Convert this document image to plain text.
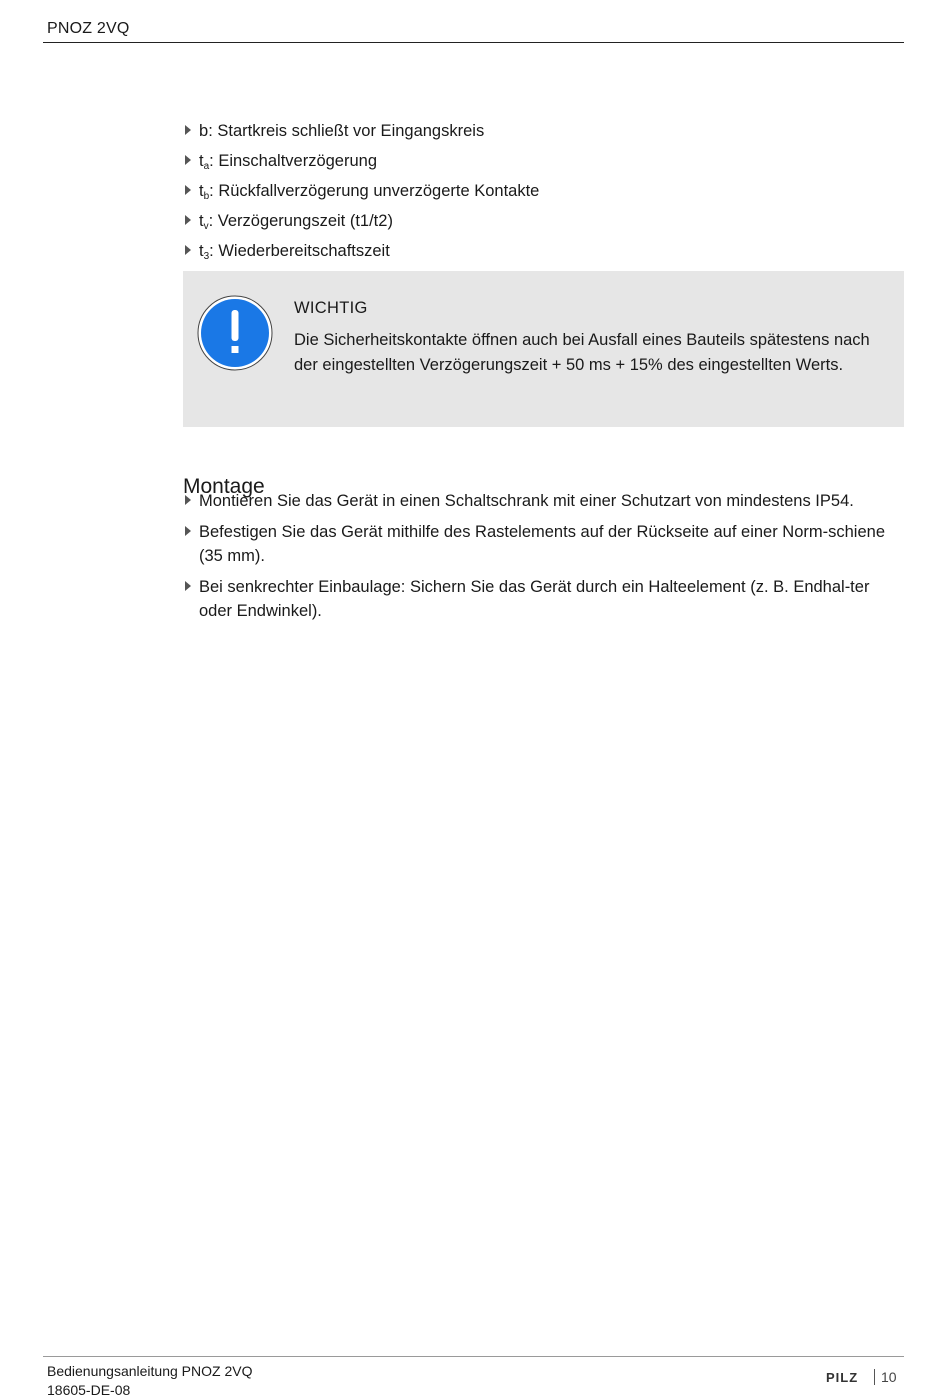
PNOZ 2VQ
b: Startkreis schließt vor Eingangskreis
$t_a$: Einschaltverzögerung
$t_b$: Rückfallverzögerung unverzögerte Kontakte
$t_v$: Verzögerungszeit (t1/t2)
$t_3$: Wiederbereitschaftszeit
WICHTIG
Die Sicherheitskontakte öffnen auch bei Ausfall eines Bauteils spätestens nach der eingestellten Verzögerungszeit + 50 ms + 15% des eingestellten Werts.
Montage
Montieren Sie das Gerät in einen Schaltschrank mit einer Schutzart von mindestens IP54.
Befestigen Sie das Gerät mithilfe des Rastelements auf der Rückseite auf einer Norm-schiene (35 mm).
Bei senkrechter Einbaulage: Sichern Sie das Gerät durch ein Halteelement (z. B. Endhal-ter oder Endwinkel).
Bedienungsanleitung PNOZ 2VQ
18605-DE-08
PILZ 10
